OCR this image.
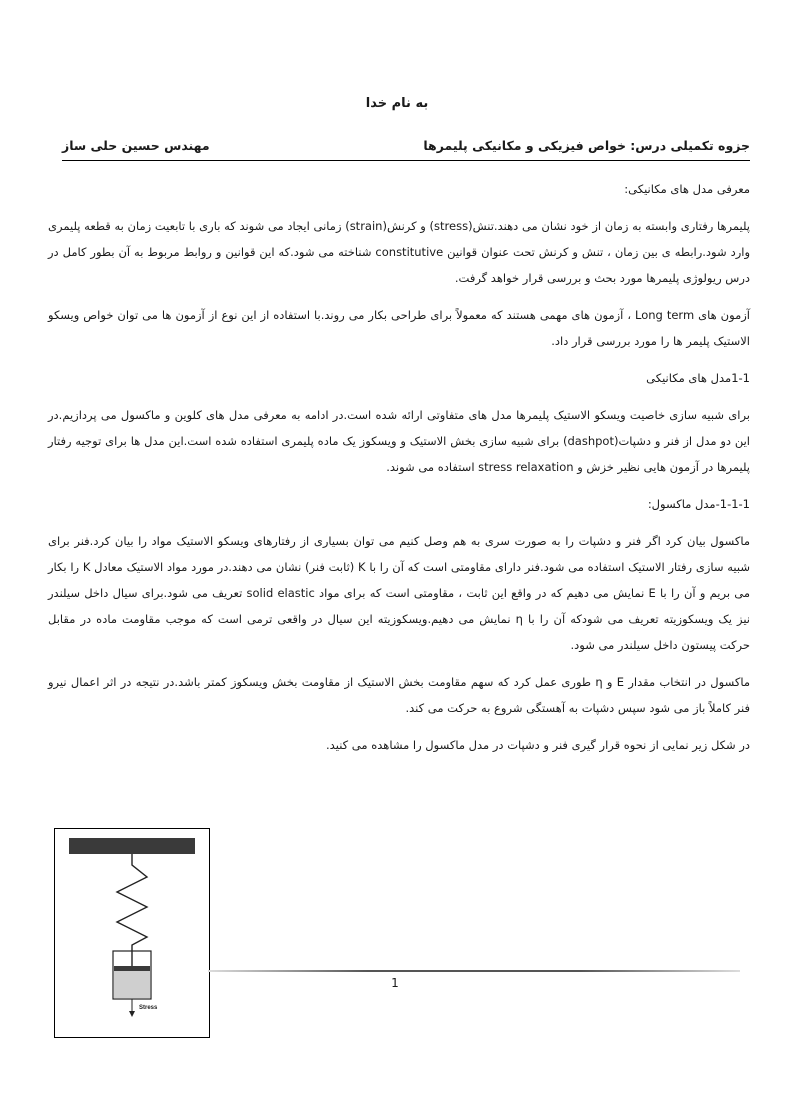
به نام خدا
جزوه تکمیلی درس: خواص فیزیکی و مکانیکی پلیمرها
مهندس حسین حلی ساز

معرفی مدل های مکانیکی:

پلیمرها رفتاری وابسته به زمان از خود نشان می دهند.تنش(stress) و کرنش(strain) زمانی ایجاد می شوند که باری با تابعیت زمان به قطعه پلیمری وارد شود.رابطه ی بین زمان ، تنش و کرنش تحت عنوان قوانین constitutive شناخته می شود.که این قوانین و روابط مربوط به آن بطور کامل در درس ریولوژی پلیمرها مورد بحث و بررسی قرار خواهد گرفت.

آزمون های Long term ، آزمون های مهمی هستند که معمولاً برای طراحی بکار می روند.با استفاده از این نوع از آزمون ها می توان خواص ویسکو الاستیک پلیمر ها را مورد بررسی قرار داد.

1-1مدل های مکانیکی

برای شبیه سازی خاصیت ویسکو الاستیک پلیمرها مدل های متفاوتی ارائه شده است.در ادامه به معرفی مدل های کلوین و ماکسول می پردازیم.در این دو مدل از فنر و دشپات(dashpot) برای شبیه سازی بخش الاستیک و ویسکوز یک ماده پلیمری استفاده شده است.این مدل ها برای توجیه رفتار پلیمرها در آزمون هایی نظیر خزش و stress relaxation استفاده می شوند.

1-1-1-مدل ماکسول:

ماکسول بیان کرد اگر فنر و دشپات را به صورت سری به هم وصل کنیم می توان بسیاری از رفتارهای ویسکو الاستیک مواد را بیان کرد.فنر برای شبیه سازی رفتار الاستیک استفاده می شود.فنر دارای مقاومتی است که آن را با K (ثابت فنر) نشان می دهند.در مورد مواد الاستیک معادل K را بکار می بریم و آن را با E نمایش می دهیم که در واقع این ثابت ، مقاومتی است که برای مواد solid elastic تعریف می شود.برای سیال داخل سیلندر نیز یک ویسکوزیته تعریف می شودکه آن را با η نمایش می دهیم.ویسکوزیته این سیال در واقعی ترمی است که موجب مقاومت ماده در مقابل حرکت پیستون داخل سیلندر می شود.

ماکسول در انتخاب مقدار E و η طوری عمل کرد که سهم مقاومت بخش الاستیک از مقاومت بخش ویسکوز کمتر باشد.در نتیجه در اثر اعمال نیرو فنر کاملاً باز می شود سپس دشپات به آهستگی شروع به حرکت می کند.

در شکل زیر نمایی از نحوه قرار گیری فنر و دشپات در مدل ماکسول را مشاهده می کنید.

Stress
1
